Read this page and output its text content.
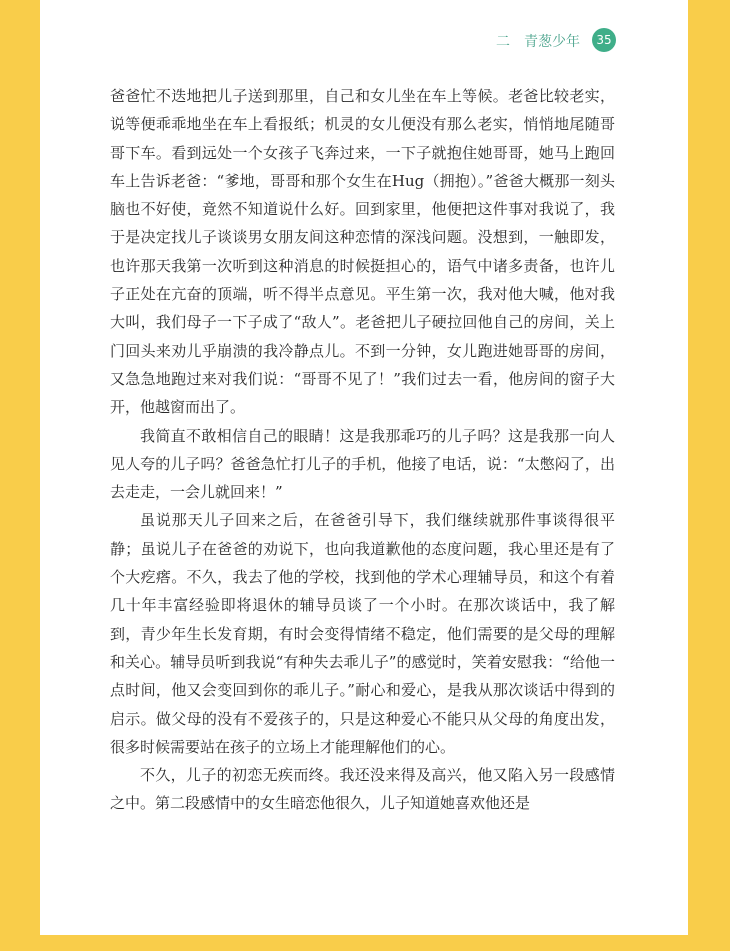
二 青葱少年	35

爸爸忙不迭地把儿子送到那里，自己和女儿坐在车上等候。老爸比较老实，说等便乖乖地坐在车上看报纸；机灵的女儿便没有那么老实，悄悄地尾随哥哥下车。看到远处一个女孩子飞奔过来，一下子就抱住她哥哥，她马上跑回车上告诉老爸：“爹地，哥哥和那个女生在Hug（拥抱）。”爸爸大概那一刻头脑也不好使，竟然不知道说什么好。回到家里，他便把这件事对我说了，我于是决定找儿子谈谈男女朋友间这种恋情的深浅问题。没想到，一触即发，也许那天我第一次听到这种消息的时候挺担心的，语气中诸多责备，也许儿子正处在亢奋的顶端，听不得半点意见。平生第一次，我对他大喊，他对我大叫，我们母子一下子成了“敌人”。老爸把儿子硬拉回他自己的房间，关上门回头来劝儿乎崩溃的我冷静点儿。不到一分钟，女儿跑进她哥哥的房间，又急急地跑过来对我们说：“哥哥不见了！”我们过去一看，他房间的窗子大开，他越窗而出了。

我简直不敢相信自己的眼睛！这是我那乖巧的儿子吗？这是我那一向人见人夸的儿子吗？爸爸急忙打儿子的手机，他接了电话，说：“太憋闷了，出去走走，一会儿就回来！”

虽说那天儿子回来之后，在爸爸引导下，我们继续就那件事谈得很平静；虽说儿子在爸爸的劝说下，也向我道歉他的态度问题，我心里还是有了个大疙瘩。不久，我去了他的学校，找到他的学术心理辅导员，和这个有着几十年丰富经验即将退休的辅导员谈了一个小时。在那次谈话中，我了解到，青少年生长发育期，有时会变得情绪不稳定，他们需要的是父母的理解和关心。辅导员听到我说“有种失去乖儿子”的感觉时，笑着安慰我：“给他一点时间，他又会变回到你的乖儿子。”耐心和爱心，是我从那次谈话中得到的启示。做父母的没有不爱孩子的，只是这种爱心不能只从父母的角度出发，很多时候需要站在孩子的立场上才能理解他们的心。

不久，儿子的初恋无疾而终。我还没来得及高兴，他又陷入另一段感情之中。第二段感情中的女生暗恋他很久，儿子知道她喜欢他还是
